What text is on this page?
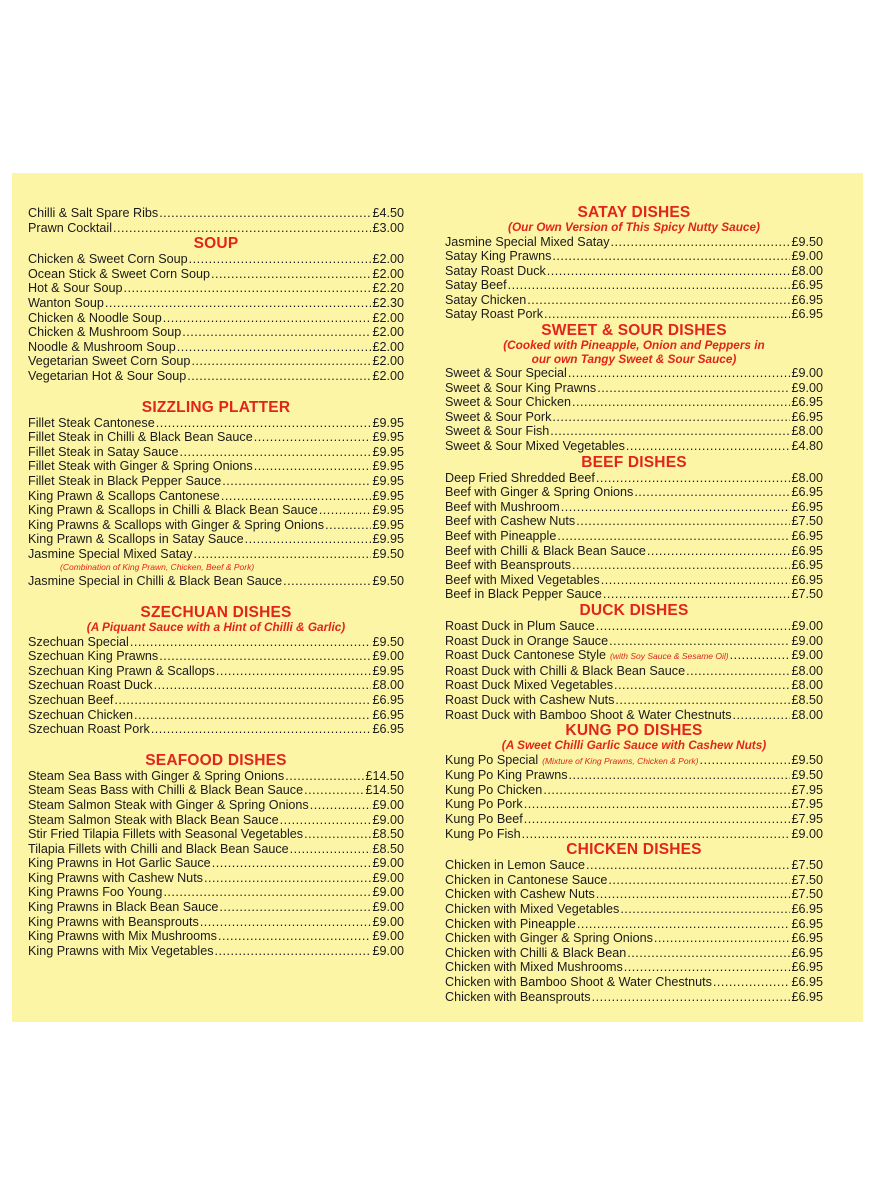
Chilli & Salt Spare Ribs .....	£4.50
Prawn Cocktail .....	£3.00
SOUP
Chicken & Sweet Corn Soup .....	£2.00
Ocean Stick & Sweet Corn Soup .....	£2.00
Hot & Sour Soup .....	£2.20
Wanton Soup .....	£2.30
Chicken & Noodle Soup .....	£2.00
Chicken & Mushroom Soup .....	£2.00
Noodle & Mushroom Soup .....	£2.00
Vegetarian Sweet Corn Soup .....	£2.00
Vegetarian Hot & Sour Soup .....	£2.00
SIZZLING PLATTER
Fillet Steak Cantonese .....	£9.95
Fillet Steak in Chilli & Black Bean Sauce .....	£9.95
Fillet Steak in Satay Sauce .....	£9.95
Fillet Steak with Ginger & Spring Onions .....	£9.95
Fillet Steak in Black Pepper Sauce .....	£9.95
King Prawn & Scallops Cantonese .....	£9.95
King Prawn & Scallops in Chilli & Black Bean Sauce .....	£9.95
King Prawns & Scallops with Ginger & Spring Onions .....	£9.95
King Prawn & Scallops in Satay Sauce .....	£9.95
Jasmine Special Mixed Satay .....	£9.50
(Combination of King Prawn, Chicken, Beef & Pork)
Jasmine Special in Chilli & Black Bean Sauce .....	£9.50
SZECHUAN DISHES
(A Piquant Sauce with a Hint of Chilli & Garlic)
Szechuan Special .....	£9.50
Szechuan King Prawns .....	£9.00
Szechuan King Prawn & Scallops .....	£9.95
Szechuan Roast Duck .....	£8.00
Szechuan Beef .....	£6.95
Szechuan Chicken .....	£6.95
Szechuan Roast Pork .....	£6.95
SEAFOOD DISHES
Steam Sea Bass with Ginger & Spring Onions .....	£14.50
Steam Seas Bass with Chilli & Black Bean Sauce .....	£14.50
Steam Salmon Steak with Ginger & Spring Onions .....	£9.00
Steam Salmon Steak with Black Bean Sauce .....	£9.00
Stir Fried Tilapia Fillets with Seasonal Vegetables .....	£8.50
Tilapia Fillets with Chilli and Black Bean Sauce .....	£8.50
King Prawns in Hot Garlic Sauce .....	£9.00
King Prawns with Cashew Nuts .....	£9.00
King Prawns Foo Young .....	£9.00
King Prawns in Black Bean Sauce .....	£9.00
King Prawns with Beansprouts .....	£9.00
King Prawns with Mix Mushrooms .....	£9.00
King Prawns with Mix Vegetables .....	£9.00
SATAY DISHES
(Our Own Version of This Spicy Nutty Sauce)
Jasmine Special Mixed Satay .....	£9.50
Satay King Prawns .....	£9.00
Satay Roast Duck .....	£8.00
Satay Beef .....	£6.95
Satay Chicken .....	£6.95
Satay Roast Pork .....	£6.95
SWEET & SOUR DISHES
(Cooked with Pineapple, Onion and Peppers in
our own Tangy Sweet & Sour Sauce)
Sweet & Sour Special .....	£9.00
Sweet & Sour King Prawns .....	£9.00
Sweet & Sour Chicken .....	£6.95
Sweet & Sour Pork .....	£6.95
Sweet & Sour Fish .....	£8.00
Sweet & Sour Mixed Vegetables .....	£4.80
BEEF DISHES
Deep Fried Shredded Beef .....	£8.00
Beef with Ginger & Spring Onions .....	£6.95
Beef with Mushroom .....	£6.95
Beef with Cashew Nuts .....	£7.50
Beef with Pineapple .....	£6.95
Beef with Chilli & Black Bean Sauce .....	£6.95
Beef with Beansprouts .....	£6.95
Beef with Mixed Vegetables .....	£6.95
Beef in Black Pepper Sauce .....	£7.50
DUCK DISHES
Roast Duck in Plum Sauce .....	£9.00
Roast Duck in Orange Sauce .....	£9.00
Roast Duck Cantonese Style (with Soy Sauce & Sesame Oil) .....	£9.00
Roast Duck with Chilli & Black Bean Sauce .....	£8.00
Roast Duck Mixed Vegetables .....	£8.00
Roast Duck with Cashew Nuts .....	£8.50
Roast Duck with Bamboo Shoot & Water Chestnuts .....	£8.00
KUNG PO DISHES
(A Sweet Chilli Garlic Sauce with Cashew Nuts)
Kung Po Special (Mixture of King Prawns, Chicken & Pork) .....	£9.50
Kung Po King Prawns .....	£9.50
Kung Po Chicken .....	£7.95
Kung Po Pork .....	£7.95
Kung Po Beef .....	£7.95
Kung Po Fish .....	£9.00
CHICKEN DISHES
Chicken in Lemon Sauce .....	£7.50
Chicken in Cantonese Sauce .....	£7.50
Chicken with Cashew Nuts .....	£7.50
Chicken with Mixed Vegetables .....	£6.95
Chicken with Pineapple .....	£6.95
Chicken with Ginger & Spring Onions .....	£6.95
Chicken with Chilli & Black Bean .....	£6.95
Chicken with Mixed Mushrooms .....	£6.95
Chicken with Bamboo Shoot & Water Chestnuts .....	£6.95
Chicken with Beansprouts .....	£6.95
